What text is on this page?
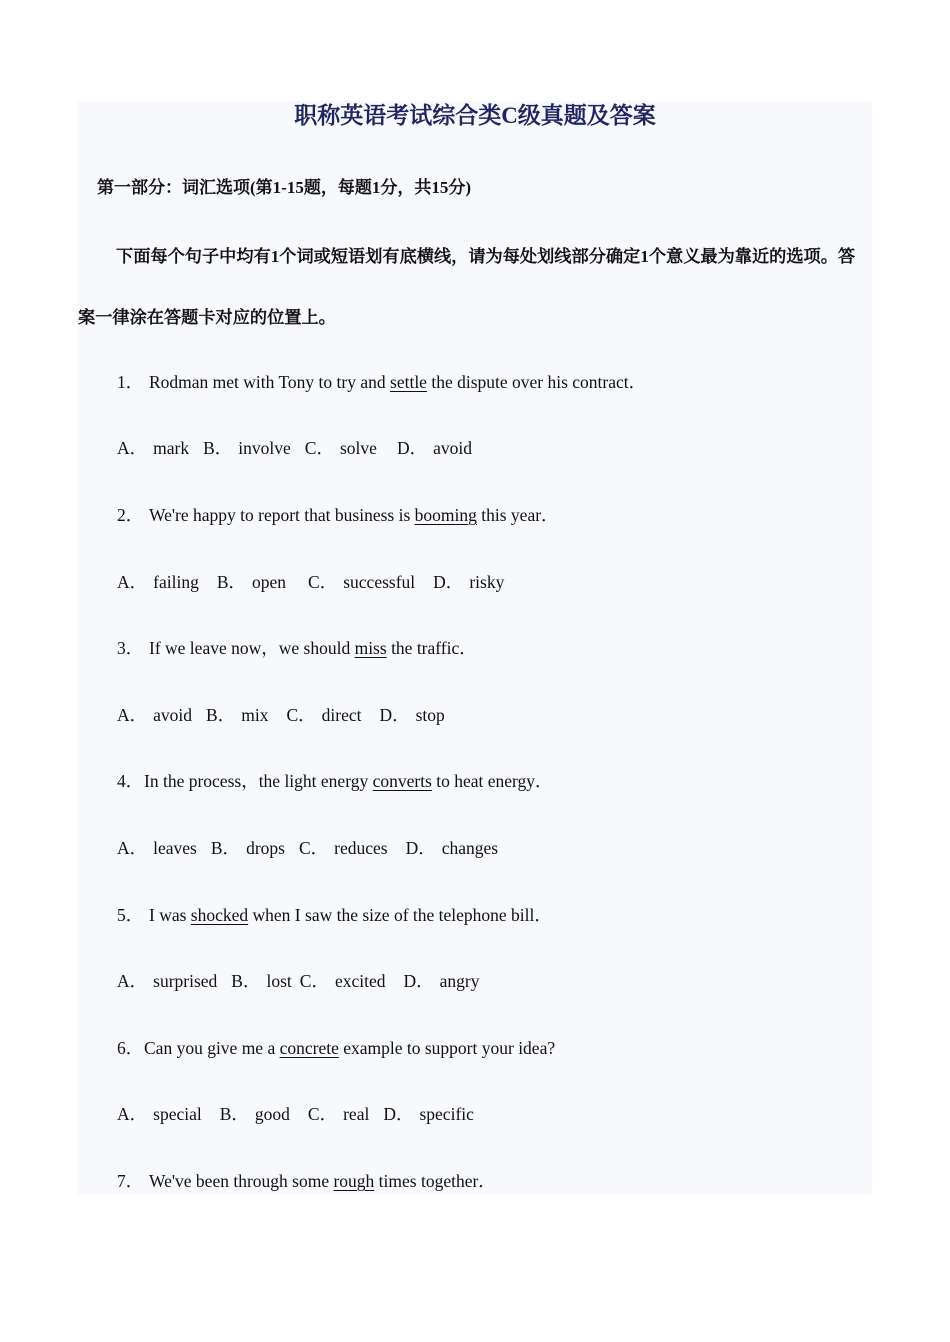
职称英语考试综合类C级真题及答案
第一部分：词汇选项(第1-15题，每题1分，共15分)

下面每个句子中均有1个词或短语划有底横线，请为每处划线部分确定1个意义最为靠近的选项。答案一律涂在答题卡对应的位置上。

1． Rodman met with Tony to try and settle the dispute over his contract．
A． mark B． involve C． solve D． avoid
2． We're happy to report that business is booming this year．
A． failing B． open C． successful D． risky
3． If we leave now，we should miss the traffic．
A． avoid B． mix C． direct D． stop
4．In the process，the light energy converts to heat energy．
A． leaves B． drops C． reduces D． changes
5． I was shocked when I saw the size of the telephone bill．
A． surprised B． lost C． excited D． angry
6．Can you give me a concrete example to support your idea?
A． special B． good C． real D． specific
7． We've been through some rough times together．
